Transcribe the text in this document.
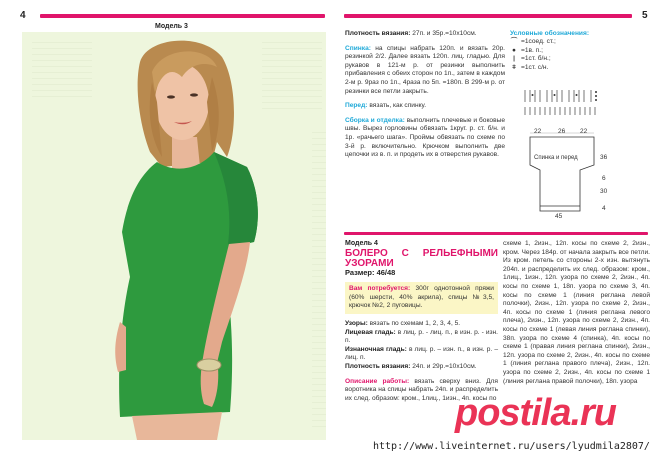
4
Модель 3
5

Плотность вязания: 27п. и 35р.=10х10см.

Спинка: на спицы набрать 120п. и вязать 20р. резинкой 2/2. Далее вязать 120п. лиц. гладью. Для рукавов в 121-м р. от резинки выполнить прибавления с обеих сторон по 1п., затем в каждом 2-м р. 9раз по 1п., 4раза по 5п. =180п. В 299-м р. от резинки все петли закрыть.

Перед: вязать, как спинку.

Сборка и отделка: выполнить плечевые и боковые швы. Вырез горловины обвязать 1круг. р. ст. б/н. и 1р. «рачьего шага». Проймы обвязать по схеме по 3-й р. включительно. Крючком выполнить две цепочки из в. п. и продеть их в отверстия рукавов.

Условные обозначения:
⌒ =1соед. ст.;
● =1в. п.;
| =1ст. б/н.;
ǂ =1ст. с/н.
22	26 22
Спинка и перед	36
6
30
4
45
Модель 4
БОЛЕРО С РЕЛЬЕФНЫМИ УЗОРАМИ
Размер: 46/48

Вам потребуется: 300г однотонной пряжи (60% шерсти, 40% акрила), спицы №3,5, крючок №2, 2 пуговицы.

Узоры: вязать по схемам 1, 2, 3, 4, 5.
Лицевая гладь: в лиц. р. - лиц. п., в изн. р. - изн. п.
Изнаночная гладь: в лиц. р. – изн. п., в изн. р. – лиц. п.

Плотность вязания: 24п. и 29р.=10х10см.

Описание работы: вязать сверху вниз. Для воротника на спицы набрать 24п. и распределить их след. образом: кром., 1лиц., 1изн., 4п. косы по
схеме 1, 2изн., 12п. косы по схеме 2, 2изн., кром. Через 184р. от начала закрыть все петли. Из кром. петель со стороны 2-х изн. вытянуть 204п. и распределить их след. образом: кром., 1лиц., 1изн., 12п. узора по схеме 2, 2изн., 4п. косы по схеме 1, 18п. узора по схеме 3, 4п. косы по схеме 1 (линия реглана левой полочки), 2изн., 12п. узора по схеме 2, 2изн., 4п. косы по схеме 1 (линия реглана левого плеча), 2изн., 12п. узора по схеме 2, 2изн., 4п. косы по схеме 1 (левая линия реглана спинки), 38п. узора по схеме 4 (спинка), 4п. косы по схеме 1 (правая линия реглана спинки), 2изн., 12п. узора по схеме 2, 2изн., 4п. косы по схеме 1 (линия реглана правого плеча), 2изн., 12п. узора по схеме 2, 2изн., 4п. косы по схеме 1 (линия реглана правой полочки), 18п. узора
postila.ru
http://www.liveinternet.ru/users/lyudmila2807/
